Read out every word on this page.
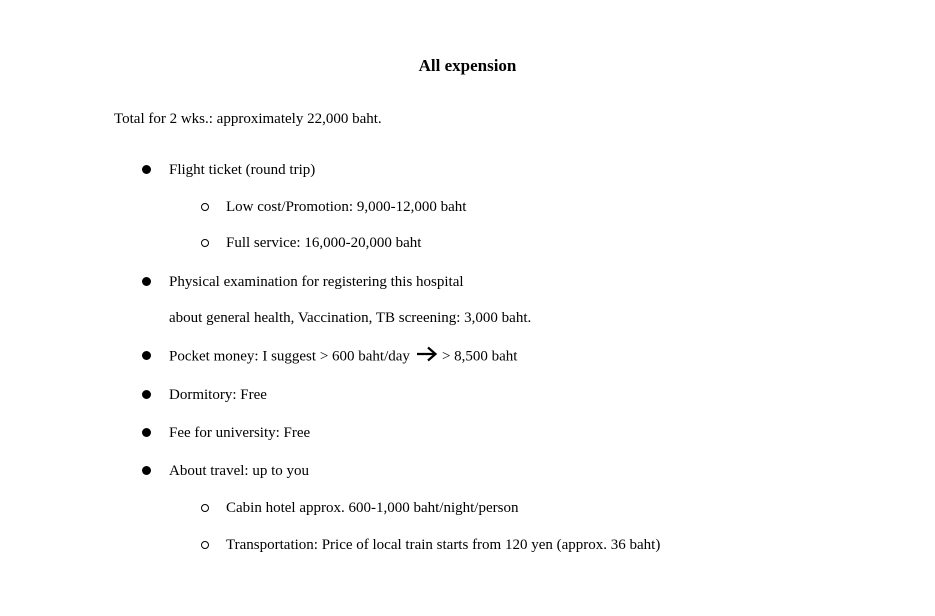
All expension
Total for 2 wks.: approximately 22,000 baht.
Flight ticket (round trip)
Low cost/Promotion: 9,000-12,000 baht
Full service: 16,000-20,000 baht
Physical examination for registering this hospital
about general health, Vaccination, TB screening: 3,000 baht.
Pocket money: I suggest > 600 baht/day > 8,500 baht
Dormitory: Free
Fee for university: Free
About travel: up to you
Cabin hotel approx. 600-1,000 baht/night/person
Transportation: Price of local train starts from 120 yen (approx. 36 baht)
